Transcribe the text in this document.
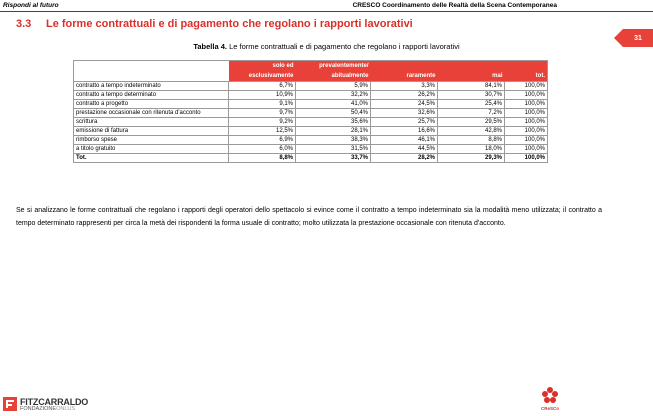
Rispondi al futuro	CRESCO Coordinamento delle Realtà della Scena Contemporanea
3.3 Le forme contrattuali e di pagamento che regolano i rapporti lavorativi
31
Tabella 4. Le forme contrattuali e di pagamento che regolano i rapporti lavorativi
	solo ed	prevalentemente/			
	esclusivamente	abitualmente	raramente	mai	tot.
contratto a tempo indeterminato	6,7%	5,9%	3,3%	84,1%	100,0%
contratto a tempo determinato	10,9%	32,2%	26,2%	30,7%	100,0%
contratto a progetto	9,1%	41,0%	24,5%	25,4%	100,0%
prestazione occasionale con ritenuta d'acconto	9,7%	50,4%	32,6%	7,2%	100,0%
scrittura	9,2%	35,6%	25,7%	29,5%	100,0%
emissione di fattura	12,5%	28,1%	16,6%	42,8%	100,0%
rimborso spese	6,9%	38,3%	46,1%	8,8%	100,0%
a titolo gratuito	6,0%	31,5%	44,5%	18,0%	100,0%
Tot.	8,8%	33,7%	28,2%	29,3%	100,0%

Se si analizzano le forme contrattuali che regolano i rapporti degli operatori dello spettacolo si evince come il contratto a tempo indeterminato sia la modalità meno utilizzata; il contratto a tempo determinato rappresenti per circa la metà dei rispondenti la forma usuale di contratto; molto utilizzata la prestazione occasionale con ritenuta d'acconto.

FITZCARRALDO
FONDAZIONEONLUS	CReSCo
